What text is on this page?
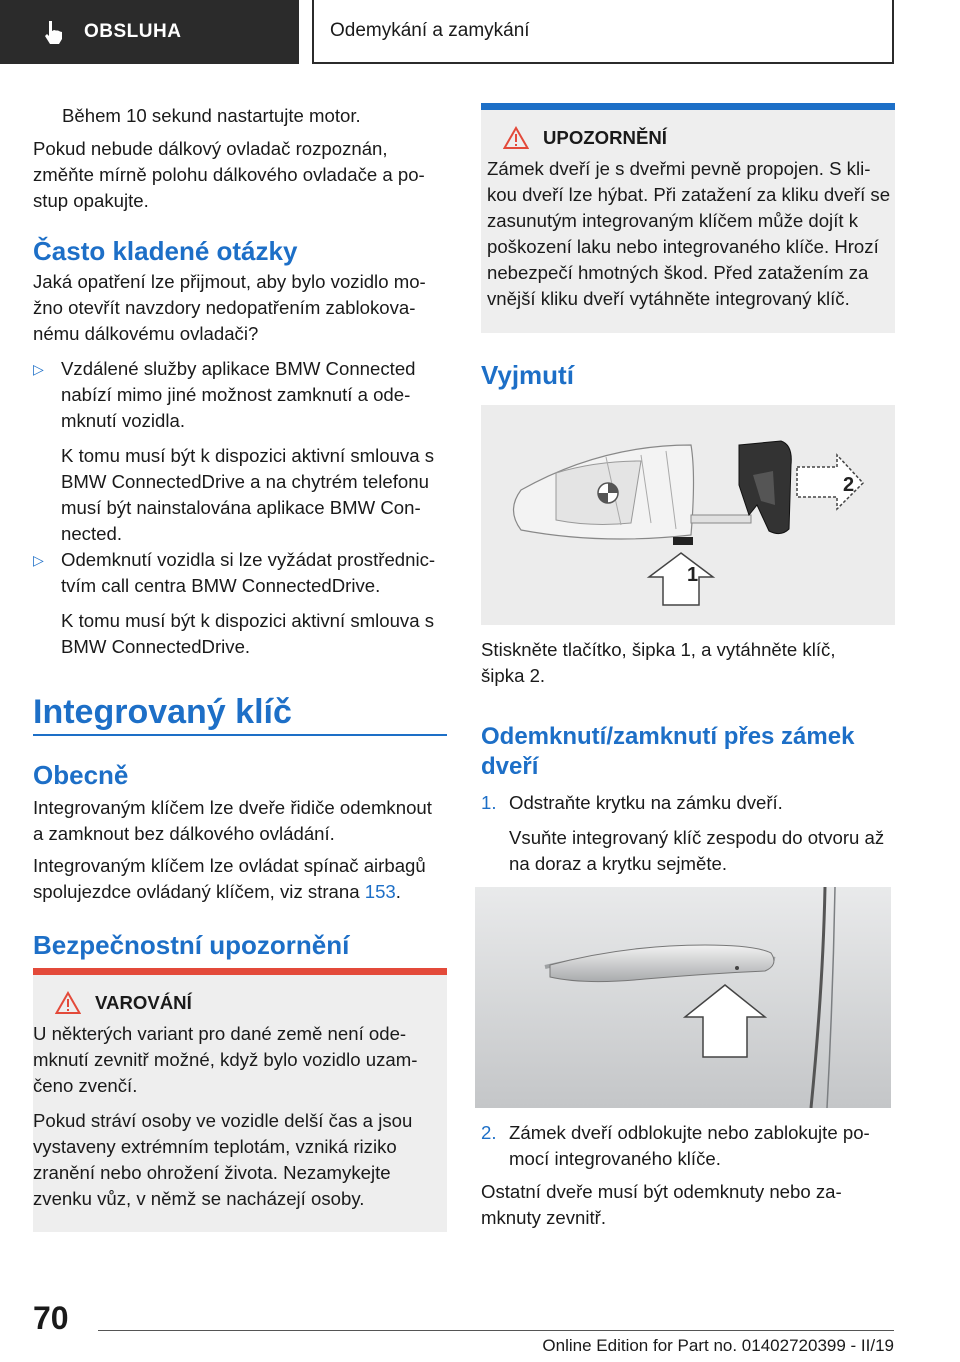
OBSLUHA	Odemykání a zamykání

Během 10 sekund nastartujte motor.

Pokud nebude dálkový ovladač rozpoznán,

změňte mírně polohu dálkového ovladače a po‐

stup opakujte.

Často kladené otázky

Jaká opatření lze přijmout, aby bylo vozidlo mo‐

žno otevřít navzdory nedopatřením zablokova‐

nému dálkovému ovladači?

▷ Vzdálené služby aplikace BMW Connected

nabízí mimo jiné možnost zamknutí a ode‐

mknutí vozidla.

K tomu musí být k dispozici aktivní smlouva s

BMW ConnectedDrive a na chytrém telefonu

musí být nainstalována aplikace BMW Con‐

nected.

▷ Odemknutí vozidla si lze vyžádat prostřednic‐

tvím call centra BMW ConnectedDrive.

K tomu musí být k dispozici aktivní smlouva s

BMW ConnectedDrive.

Integrovaný klíč
Obecně

Integrovaným klíčem lze dveře řidiče odemknout

a zamknout bez dálkového ovládání.

Integrovaným klíčem lze ovládat spínač airbagů

spolujezdce ovládaný klíčem, viz strana 153.

Bezpečnostní upozornění
VAROVÁNÍ

U některých variant pro dané země není ode‐

mknutí zevnitř možné, když bylo vozidlo uzam‐

čeno zvenčí.

Pokud stráví osoby ve vozidle delší čas a jsou

vystaveny extrémním teplotám, vzniká riziko

zranění nebo ohrožení života. Nezamykejte

zvenku vůz, v němž se nacházejí osoby.

UPOZORNĚNÍ

Zámek dveří je s dveřmi pevně propojen. S kli‐

kou dveří lze hýbat. Při zatažení za kliku dveří se

zasunutým integrovaným klíčem může dojít k

poškození laku nebo integrovaného klíče. Hrozí

nebezpečí hmotných škod. Před zatažením za

vnější kliku dveří vytáhněte integrovaný klíč.

Vyjmutí
2
1

Stiskněte tlačítko, šipka 1, a vytáhněte klíč,

šipka 2.

Odemknutí/zamknutí přes zámek
dveří
1. Odstraňte krytku na zámku dveří.

Vsuňte integrovaný klíč zespodu do otvoru až

na doraz a krytku sejměte.

2. Zámek dveří odblokujte nebo zablokujte po‐

mocí integrovaného klíče.

Ostatní dveře musí být odemknuty nebo za‐

mknuty zevnitř.

70
Online Edition for Part no. 01402720399 - II/19
